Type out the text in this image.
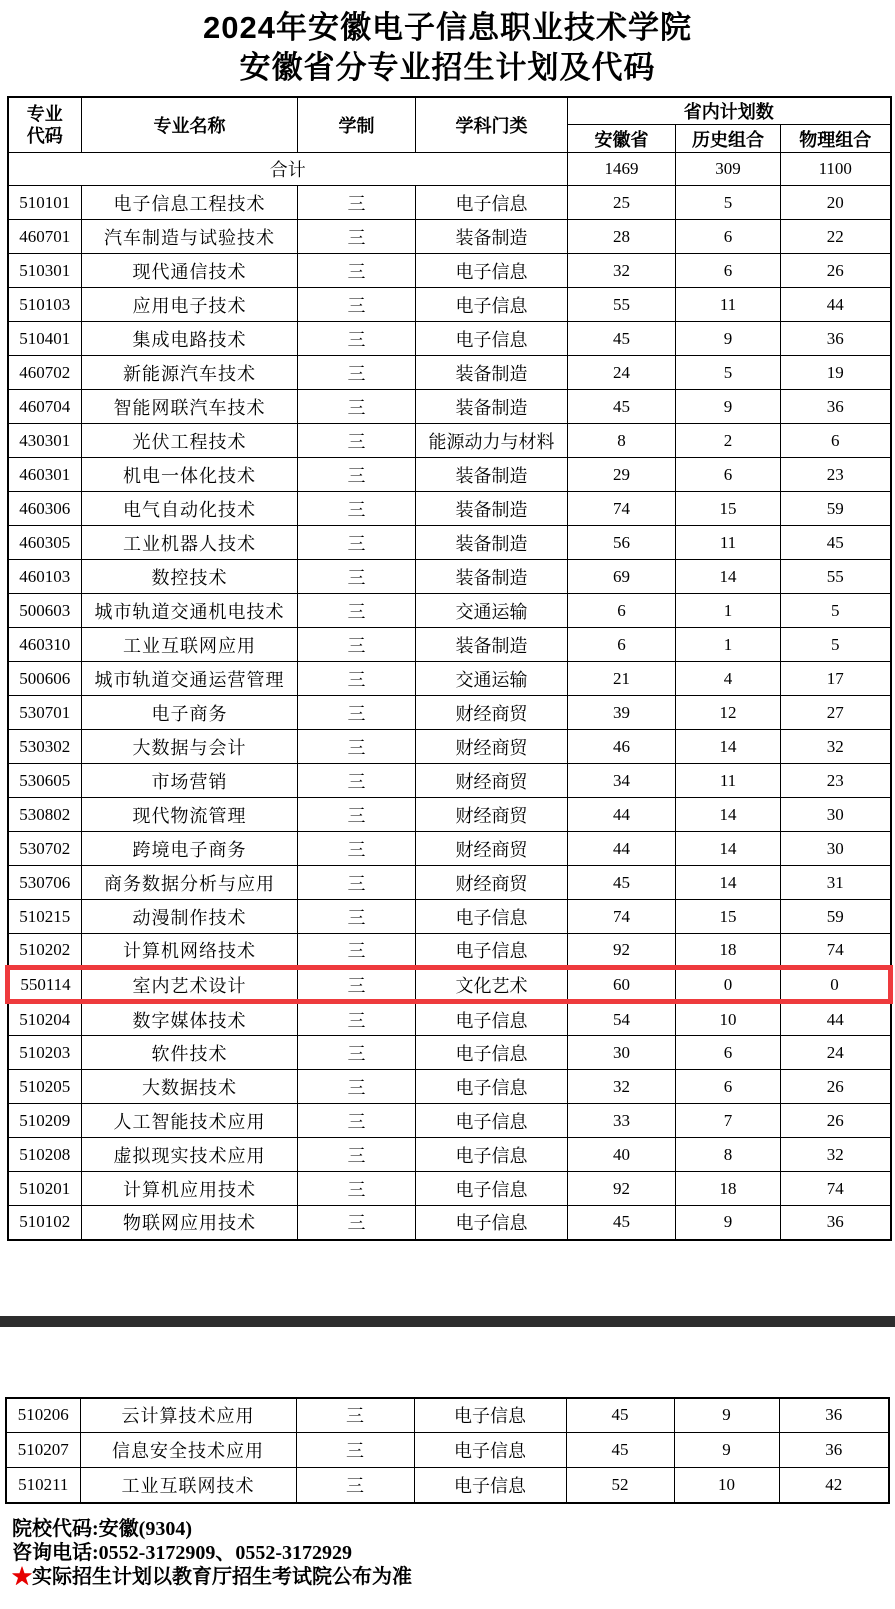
2024年安徽电子信息职业技术学院
安徽省分专业招生计划及代码
专业代码	专业名称	学制	学科门类	省内计划数		
				安徽省	历史组合	物理组合
合计				1469	309	1100
510101	电子信息工程技术	三	电子信息	25	5	20
460701	汽车制造与试验技术	三	装备制造	28	6	22
510301	现代通信技术	三	电子信息	32	6	26
510103	应用电子技术	三	电子信息	55	11	44
510401	集成电路技术	三	电子信息	45	9	36
460702	新能源汽车技术	三	装备制造	24	5	19
460704	智能网联汽车技术	三	装备制造	45	9	36
430301	光伏工程技术	三	能源动力与材料	8	2	6
460301	机电一体化技术	三	装备制造	29	6	23
460306	电气自动化技术	三	装备制造	74	15	59
460305	工业机器人技术	三	装备制造	56	11	45
460103	数控技术	三	装备制造	69	14	55
500603	城市轨道交通机电技术	三	交通运输	6	1	5
460310	工业互联网应用	三	装备制造	6	1	5
500606	城市轨道交通运营管理	三	交通运输	21	4	17
530701	电子商务	三	财经商贸	39	12	27
530302	大数据与会计	三	财经商贸	46	14	32
530605	市场营销	三	财经商贸	34	11	23
530802	现代物流管理	三	财经商贸	44	14	30
530702	跨境电子商务	三	财经商贸	44	14	30
530706	商务数据分析与应用	三	财经商贸	45	14	31
510215	动漫制作技术	三	电子信息	74	15	59
510202	计算机网络技术	三	电子信息	92	18	74
550114	室内艺术设计	三	文化艺术	60	0	0
510204	数字媒体技术	三	电子信息	54	10	44
510203	软件技术	三	电子信息	30	6	24
510205	大数据技术	三	电子信息	32	6	26
510209	人工智能技术应用	三	电子信息	33	7	26
510208	虚拟现实技术应用	三	电子信息	40	8	32
510201	计算机应用技术	三	电子信息	92	18	74
510102	物联网应用技术	三	电子信息	45	9	36
510206	云计算技术应用	三	电子信息	45	9	36
510207	信息安全技术应用	三	电子信息	45	9	36
510211	工业互联网技术	三	电子信息	52	10	42
院校代码:安徽(9304)
咨询电话:0552-3172909、0552-3172929
★实际招生计划以教育厅招生考试院公布为准
